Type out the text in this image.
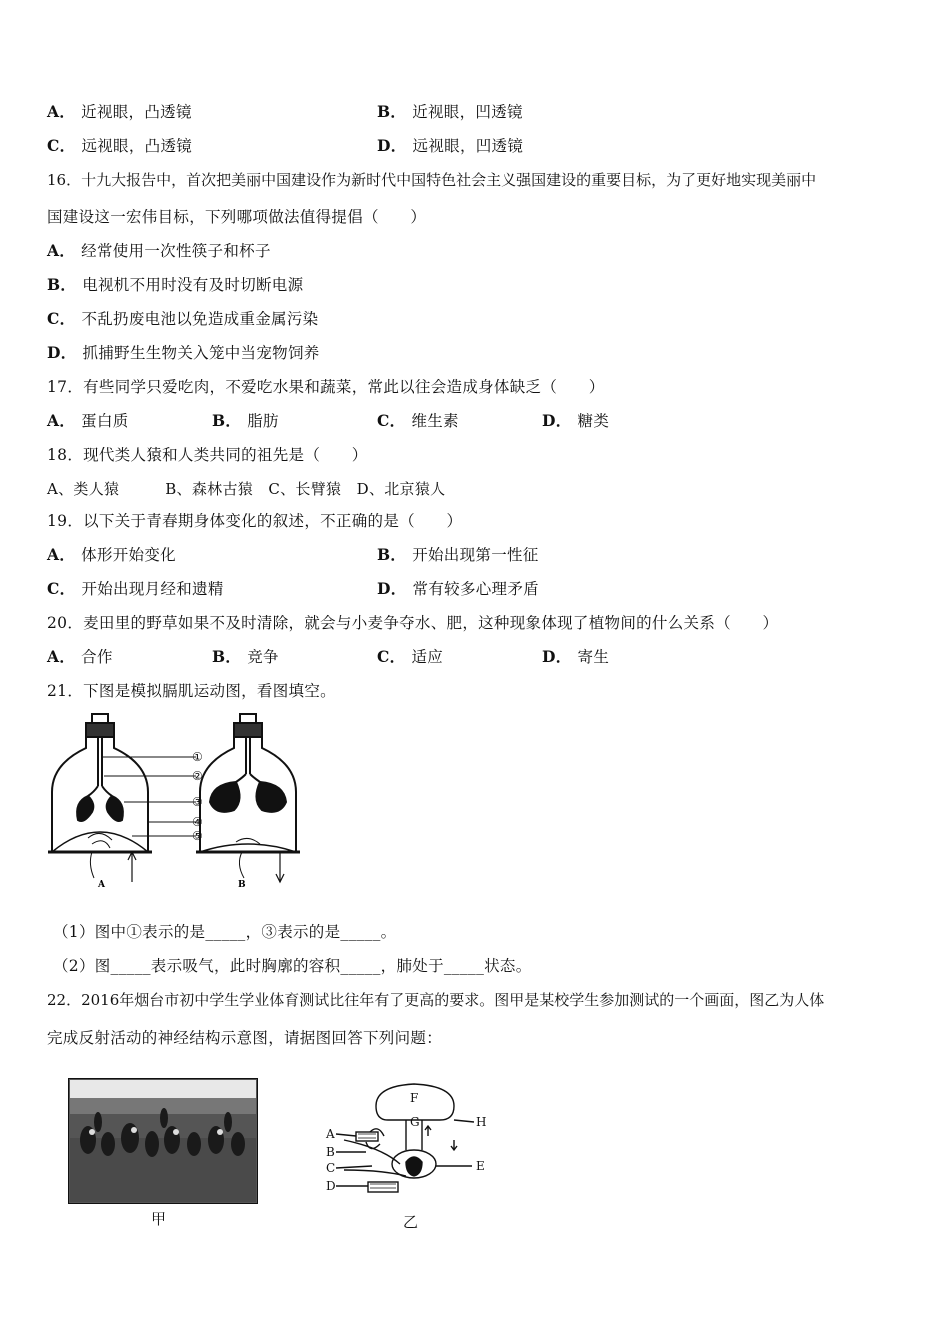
A． 近视眼，凸透镜	B． 近视眼，凹透镜
C． 远视眼，凸透镜	D． 远视眼，凹透镜
16．十九大报告中，首次把美丽中国建设作为新时代中国特色社会主义强国建设的重要目标，为了更好地实现美丽中
国建设这一宏伟目标，下列哪项做法值得提倡（　　）
A． 经常使用一次性筷子和杯子
B． 电视机不用时没有及时切断电源
C． 不乱扔废电池以免造成重金属污染
D． 抓捕野生生物关入笼中当宠物饲养
17．有些同学只爱吃肉，不爱吃水果和蔬菜，常此以往会造成身体缺乏（　　）
A． 蛋白质	B． 脂肪	C． 维生素	D． 糖类
18．现代类人猿和人类共同的祖先是（　　）
A、类人猿　　　B、森林古猿　C、长臂猿　D、北京猿人
19．以下关于青春期身体变化的叙述，不正确的是（　　）
A． 体形开始变化	B． 开始出现第一性征
C． 开始出现月经和遗精	D． 常有较多心理矛盾
20．麦田里的野草如果不及时清除，就会与小麦争夺水、肥，这种现象体现了植物间的什么关系（　　）
A． 合作	B． 竞争	C． 适应	D． 寄生
21．下图是模拟膈肌运动图，看图填空。
A	B
①
②
③
④
⑤
（1）图中①表示的是_____，③表示的是_____。
（2）图_____表示吸气，此时胸廓的容积_____，肺处于_____状态。
22．2016年烟台市初中学生学业体育测试比往年有了更高的要求。图甲是某校学生参加测试的一个画面，图乙为人体
完成反射活动的神经结构示意图，请据图回答下列问题：
甲
A
B
C
D
E
F
G	H
乙
